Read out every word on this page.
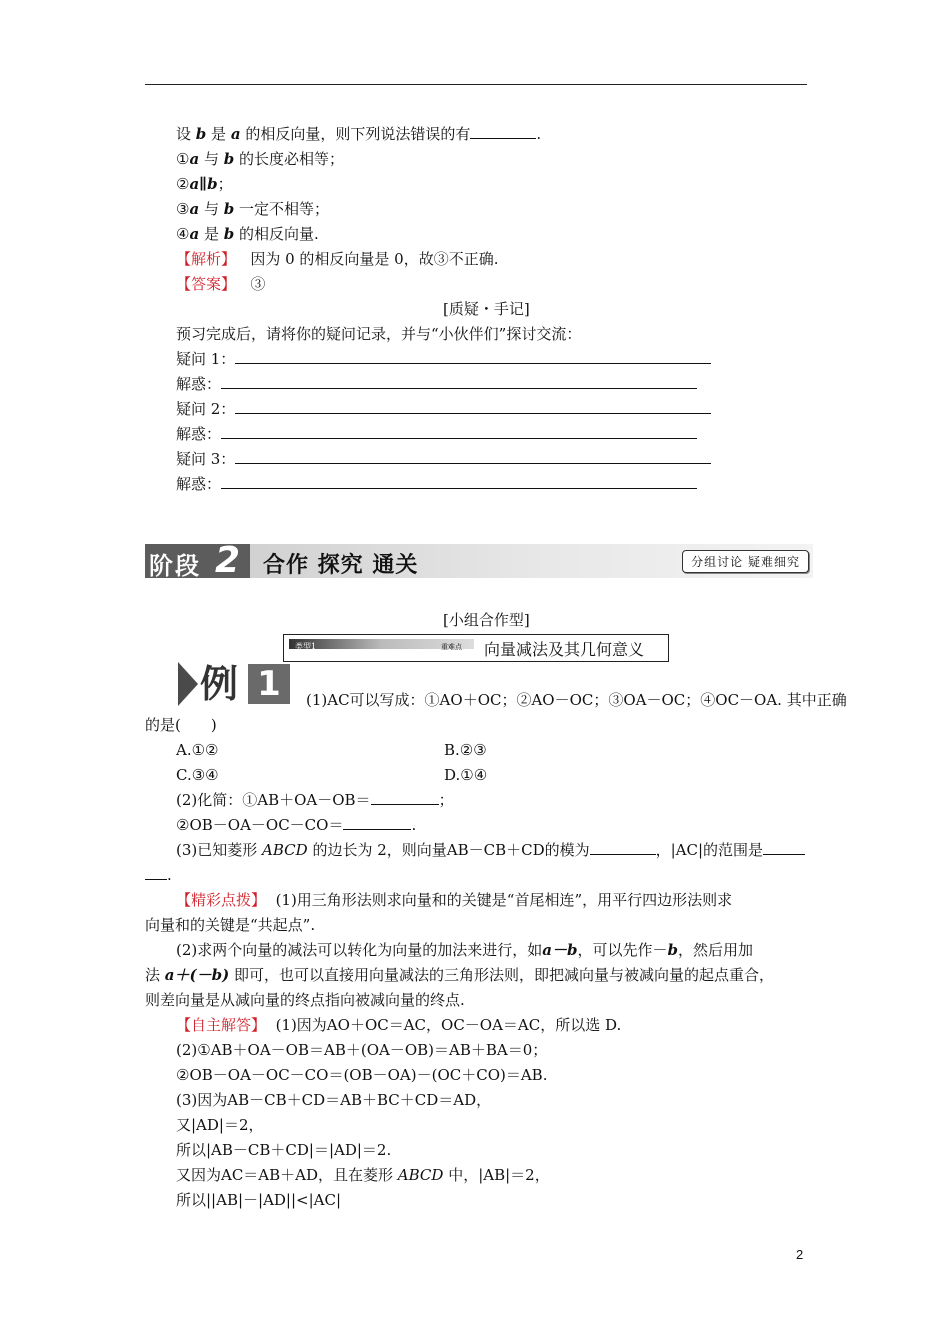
设 b 是 a 的相反向量，则下列说法错误的有	.
①a 与 b 的长度必相等；
②a∥b；
③a 与 b 一定不相等；
④a 是 b 的相反向量.
【解析】 因为 0 的相反向量是 0，故③不正确.
【答案】 ③
[质疑・手记]
预习完成后，请将你的疑问记录，并与“小伙伴们”探讨交流：
疑问 1：
解惑：
疑问 2：
解惑：
疑问 3：
解惑：
阶段 2 合作 探究 通关	分组讨论 疑难细究
[小组合作型]
类型1	重难点 向量减法及其几何意义
例 1	(1)AC可以写成：①AO＋OC；②AO－OC；③OA－OC；④OC－OA. 其中正确
的是(　　)
A.①②	B.②③
C.③④	D.①④
(2)化简：①AB＋OA－OB＝	；
②OB－OA－OC－CO＝	.
(3)已知菱形 ABCD 的边长为 2，则向量AB－CB＋CD的模为	，|AC|的范围是
.
【精彩点拨】 (1)用三角形法则求向量和的关键是“首尾相连”，用平行四边形法则求
向量和的关键是“共起点”.
(2)求两个向量的减法可以转化为向量的加法来进行，如a－b，可以先作－b，然后用加
法 a＋(－b) 即可，也可以直接用向量减法的三角形法则，即把减向量与被减向量的起点重合，
则差向量是从减向量的终点指向被减向量的终点.
【自主解答】 (1)因为AO＋OC＝AC，OC－OA＝AC，所以选 D.
(2)①AB＋OA－OB＝AB＋(OA－OB)＝AB＋BA＝0；
②OB－OA－OC－CO＝(OB－OA)－(OC＋CO)＝AB.
(3)因为AB－CB＋CD＝AB＋BC＋CD＝AD，
又|AD|＝2，
所以|AB－CB＋CD|＝|AD|＝2.
又因为AC＝AB＋AD，且在菱形 ABCD 中，|AB|＝2，
所以||AB|－|AD||<|AC|
2
